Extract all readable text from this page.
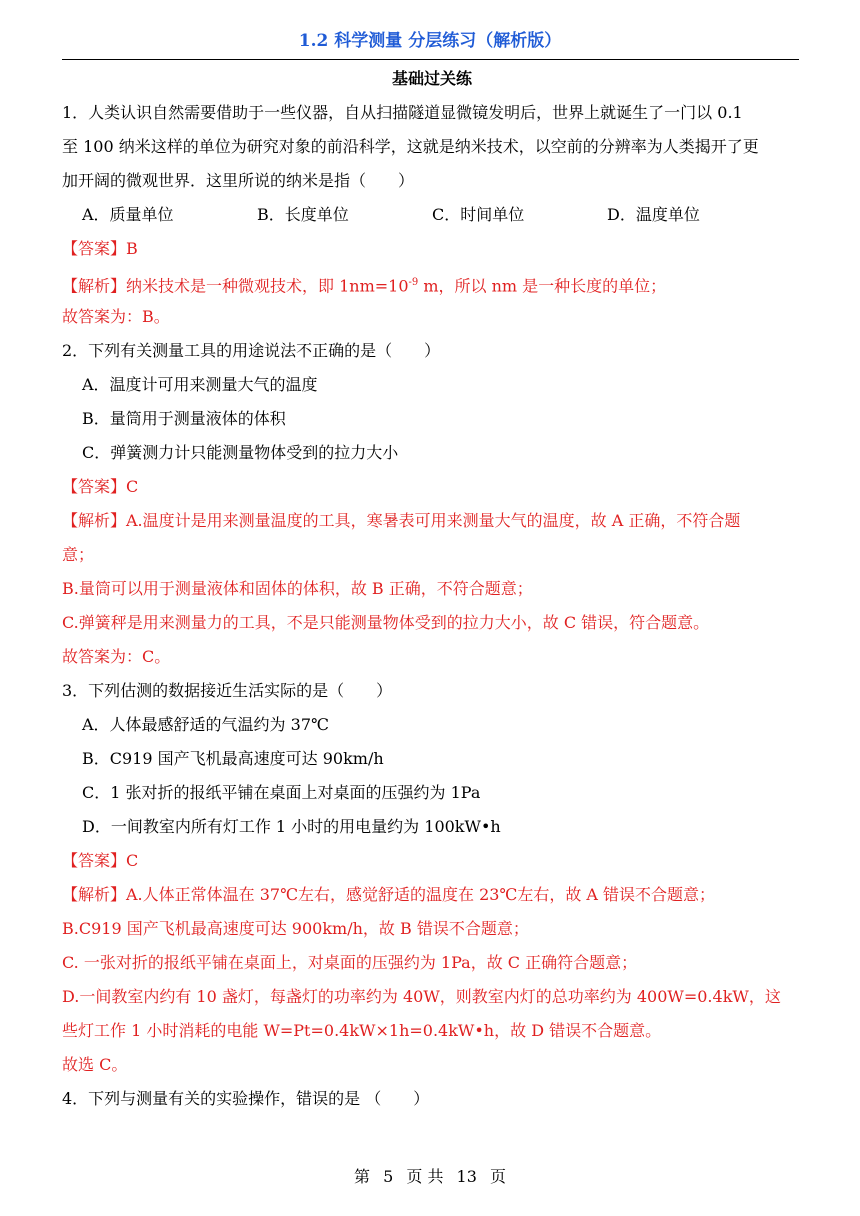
1.2 科学测量 分层练习（解析版）
基础过关练
1．人类认识自然需要借助于一些仪器，自从扫描隧道显微镜发明后，世界上就诞生了一门以 0.1
至 100 纳米这样的单位为研究对象的前沿科学，这就是纳米技术，以空前的分辨率为人类揭开了更
加开阔的微观世界．这里所说的纳米是指（　　）
A．质量单位	B．长度单位	C．时间单位	D．温度单位
【答案】B
【解析】纳米技术是一种微观技术，即 $1nm=10^{-9}$ m，所以 nm 是一种长度的单位；
故答案为：B。
2．下列有关测量工具的用途说法不正确的是（　　）
A．温度计可用来测量大气的温度
B．量筒用于测量液体的体积
C．弹簧测力计只能测量物体受到的拉力大小
【答案】C
【解析】A.温度计是用来测量温度的工具，寒暑表可用来测量大气的温度，故 A 正确，不符合题
意；
B.量筒可以用于测量液体和固体的体积，故 B 正确，不符合题意；
C.弹簧秤是用来测量力的工具，不是只能测量物体受到的拉力大小，故 C 错误，符合题意。
故答案为：C。
3．下列估测的数据接近生活实际的是（　　）
A．人体最感舒适的气温约为 37℃
B．C919 国产飞机最高速度可达 90km/h
C．1 张对折的报纸平铺在桌面上对桌面的压强约为 1Pa
D．一间教室内所有灯工作 1 小时的用电量约为 100kW•h
【答案】C
【解析】A.人体正常体温在 37℃左右，感觉舒适的温度在 23℃左右，故 A 错误不合题意；
B.C919 国产飞机最高速度可达 900km/h，故 B 错误不合题意；
C. 一张对折的报纸平铺在桌面上，对桌面的压强约为 1Pa，故 C 正确符合题意；
D.一间教室内约有 10 盏灯，每盏灯的功率约为 40W，则教室内灯的总功率约为 400W=0.4kW，这
些灯工作 1 小时消耗的电能 W=Pt=0.4kW×1h=0.4kW•h，故 D 错误不合题意。
故选 C。
4．下列与测量有关的实验操作，错误的是 （　　）
第 5 页 共 13 页
